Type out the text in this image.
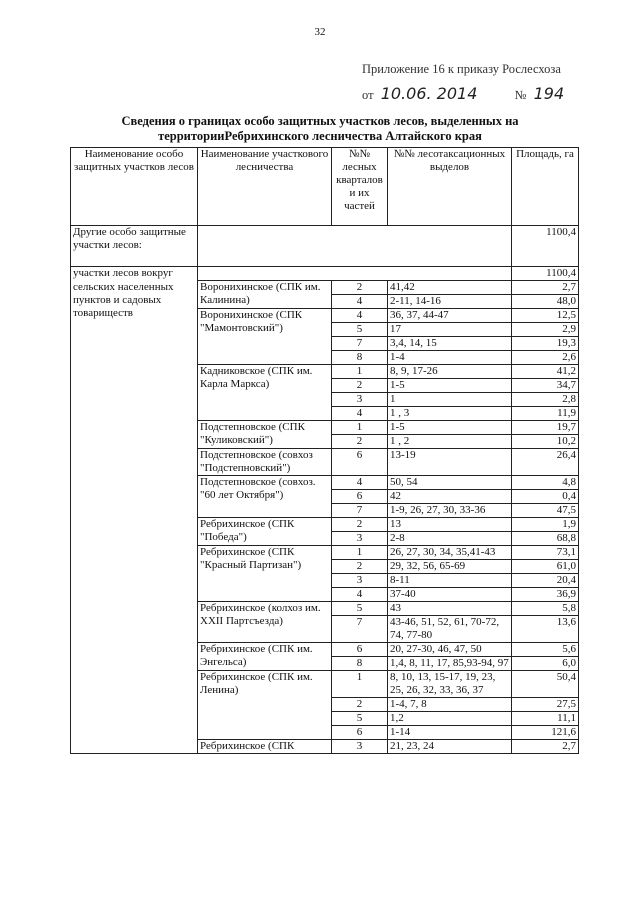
32
Приложение 16 к приказу Рослесхоза
от 10.06. 2014	№ 194
Сведения о границах особо защитных участков лесов, выделенных на
территорииРебрихинского лесничества Алтайского края
Наименование особо защитных участков лесов	Наименование участкового лесничества	№№ лесных кварталов и их частей	№№ лесотаксационных выделов	Площадь, га
Другие особо защитные участки лесов:				1100,4
участки лесов вокруг				1100,4
сельских населенных пунктов и садовых товариществ	Воронихинское (СПК им. Калинина)	2	41,42	2,7
		4	2-11, 14-16	48,0
	Воронихинское (СПК "Мамонтовский")	4	36, 37, 44-47	12,5
		5	17	2,9
		7	3,4, 14, 15	19,3
		8	1-4	2,6
	Кадниковское (СПК им. Карла Маркса)	1	8, 9, 17-26	41,2
		2	1-5	34,7
		3	1	2,8
		4	1 , 3	11,9
	Подстепновское (СПК "Куликовский")	1	1-5	19,7
		2	1 , 2	10,2
	Подстепновское (совхоз "Подстепновский")	6	13-19	26,4
	Подстепновское (совхоз. "60 лет Октября")	4	50, 54	4,8
		6	42	0,4
		7	1-9, 26, 27, 30, 33-36	47,5
	Ребрихинское (СПК "Победа")	2	13	1,9
		3	2-8	68,8
	Ребрихинское (СПК "Красный Партизан")	1	26, 27, 30, 34, 35,41-43	73,1
		2	29, 32, 56, 65-69	61,0
		3	8-11	20,4
		4	37-40	36,9
	Ребрихинское (колхоз им. XXII Партсъезда)	5	43	5,8
		7	43-46, 51, 52, 61, 70-72, 74, 77-80	13,6
	Ребрихинское (СПК им. Энгельса)	6	20, 27-30, 46, 47, 50	5,6
		8	1,4, 8, 11, 17, 85,93-94, 97	6,0
	Ребрихинское (СПК им. Ленина)	1	8, 10, 13, 15-17, 19, 23, 25, 26, 32, 33, 36, 37	50,4
		2	1-4, 7, 8	27,5
		5	1,2	11,1
		6	1-14	121,6
	Ребрихинское (СПК	3	21, 23, 24	2,7
